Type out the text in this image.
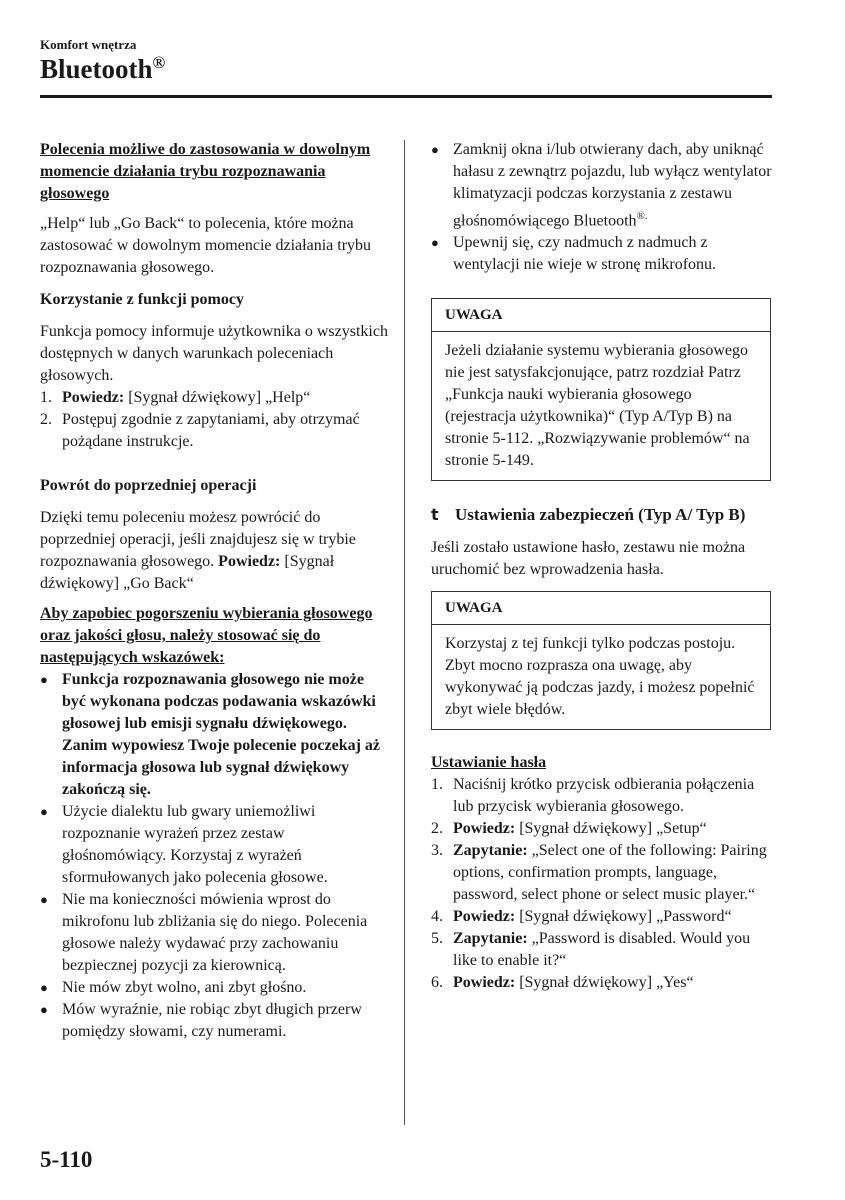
Komfort wnętrza
Bluetooth®

Polecenia możliwe do zastosowania w dowolnym momencie działania trybu rozpoznawania głosowego

„Help“ lub „Go Back“ to polecenia, które można zastosować w dowolnym momencie działania trybu rozpoznawania głosowego.

Korzystanie z funkcji pomocy

Funkcja pomocy informuje użytkownika o wszystkich dostępnych w danych warunkach poleceniach głosowych.

1. Powiedz: [Sygnał dźwiękowy] „Help“
2. Postępuj zgodnie z zapytaniami, aby otrzymać pożądane instrukcje.

Powrót do poprzedniej operacji

Dzięki temu poleceniu możesz powrócić do poprzedniej operacji, jeśli znajdujesz się w trybie rozpoznawania głosowego. Powiedz: [Sygnał dźwiękowy] „Go Back“

Aby zapobiec pogorszeniu wybierania głosowego oraz jakości głosu, należy stosować się do następujących wskazówek:

● Funkcja rozpoznawania głosowego nie może być wykonana podczas podawania wskazówki głosowej lub emisji sygnału dźwiękowego. Zanim wypowiesz Twoje polecenie poczekaj aż informacja głosowa lub sygnał dźwiękowy zakończą się.
● Użycie dialektu lub gwary uniemożliwi rozpoznanie wyrażeń przez zestaw głośnomówiący. Korzystaj z wyrażeń sformułowanych jako polecenia głosowe.
● Nie ma konieczności mówienia wprost do mikrofonu lub zbliżania się do niego. Polecenia głosowe należy wydawać przy zachowaniu bezpiecznej pozycji za kierownicą.
● Nie mów zbyt wolno, ani zbyt głośno.
● Mów wyraźnie, nie robiąc zbyt długich przerw pomiędzy słowami, czy numerami.
● Zamknij okna i/lub otwierany dach, aby uniknąć hałasu z zewnątrz pojazdu, lub wyłącz wentylator klimatyzacji podczas korzystania z zestawu głośnomówiącego Bluetooth®.
● Upewnij się, czy nadmuch z nadmuch z wentylacji nie wieje w stronę mikrofonu.
UWAGA
Jeżeli działanie systemu wybierania głosowego nie jest satysfakcjonujące, patrz rozdział Patrz „Funkcja nauki wybierania głosowego (rejestracja użytkownika)“ (Typ A/Typ B) na stronie 5-112. „Rozwiązywanie problemów“ na stronie 5-149.
t Ustawienia zabezpieczeń (Typ A/ Typ B)

Jeśli zostało ustawione hasło, zestawu nie można uruchomić bez wprowadzenia hasła.

UWAGA
Korzystaj z tej funkcji tylko podczas postoju. Zbyt mocno rozprasza ona uwagę, aby wykonywać ją podczas jazdy, i możesz popełnić zbyt wiele błędów.

Ustawianie hasła

1. Naciśnij krótko przycisk odbierania połączenia lub przycisk wybierania głosowego.
2. Powiedz: [Sygnał dźwiękowy] „Setup“
3. Zapytanie: „Select one of the following: Pairing options, confirmation prompts, language, password, select phone or select music player.“
4. Powiedz: [Sygnał dźwiękowy] „Password“
5. Zapytanie: „Password is disabled. Would you like to enable it?“
6. Powiedz: [Sygnał dźwiękowy] „Yes“
5-110
